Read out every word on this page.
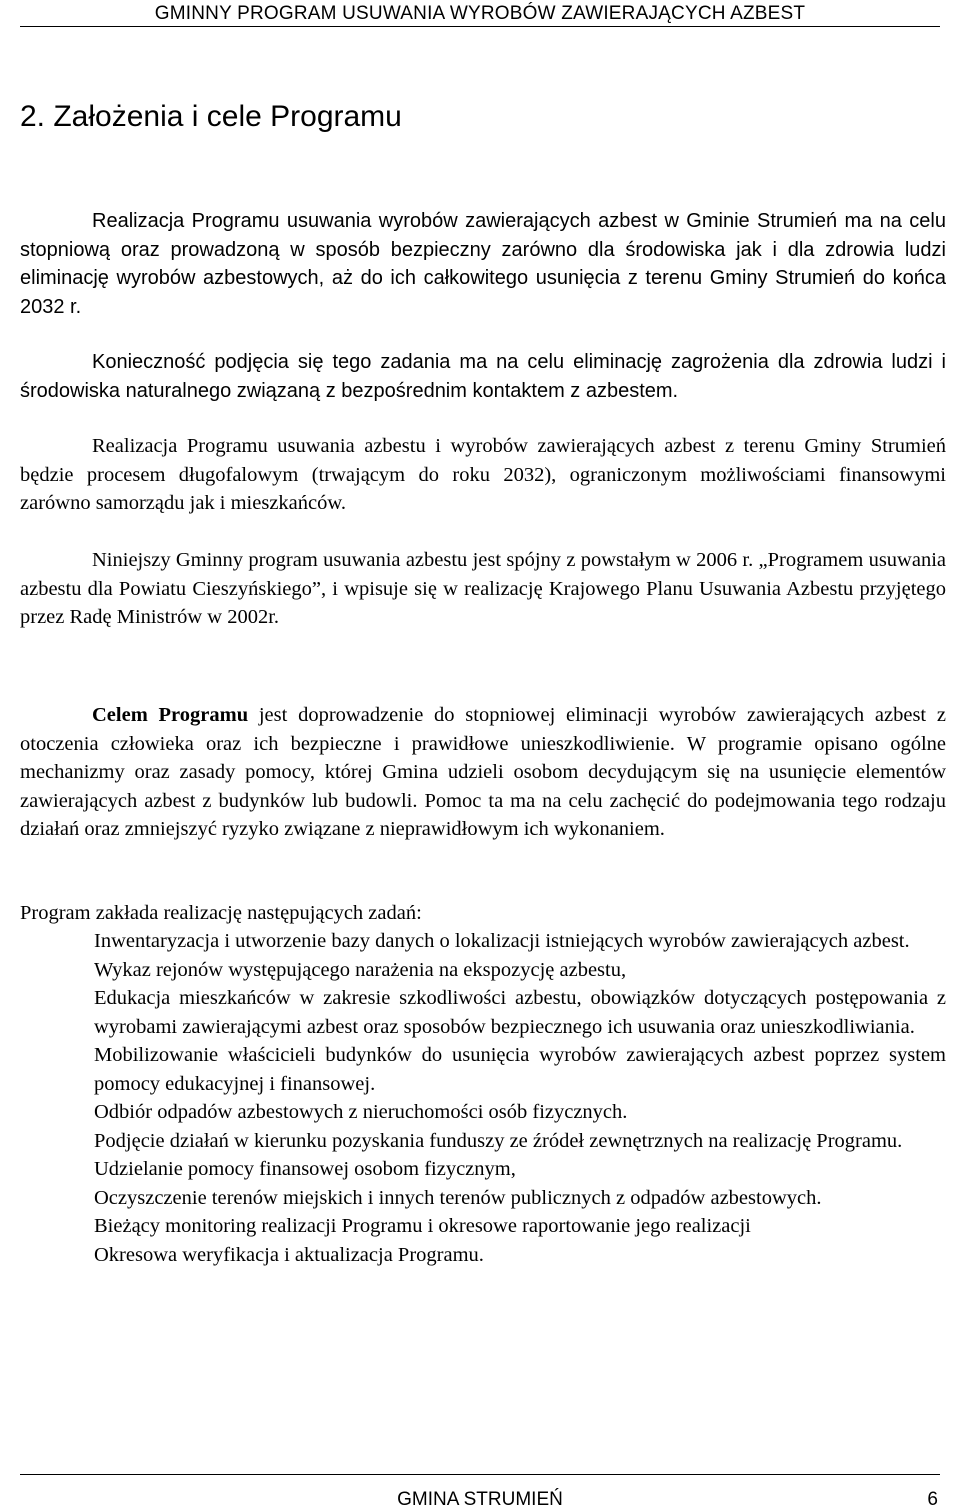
GMINNY PROGRAM USUWANIA WYROBÓW ZAWIERAJĄCYCH AZBEST
2. Założenia i cele Programu

Realizacja Programu usuwania wyrobów zawierających azbest w Gminie Strumień ma na celu stopniową oraz prowadzoną w sposób bezpieczny zarówno dla środowiska jak i dla zdrowia ludzi eliminację wyrobów azbestowych, aż do ich całkowitego usunięcia z terenu Gminy Strumień do końca 2032 r.

Konieczność podjęcia się tego zadania ma na celu eliminację zagrożenia dla zdrowia ludzi i środowiska naturalnego związaną z bezpośrednim kontaktem z azbestem.

Realizacja Programu usuwania azbestu i wyrobów zawierających azbest z terenu Gminy Strumień będzie procesem długofalowym (trwającym do roku 2032), ograniczonym możliwościami finansowymi zarówno samorządu jak i mieszkańców.

Niniejszy Gminny program usuwania azbestu jest spójny z powstałym w 2006 r. „Programem usuwania azbestu dla Powiatu Cieszyńskiego”, i wpisuje się w realizację Krajowego Planu Usuwania Azbestu przyjętego przez Radę Ministrów w 2002r.

Celem Programu jest doprowadzenie do stopniowej eliminacji wyrobów zawierających azbest z otoczenia człowieka oraz ich bezpieczne i prawidłowe unieszkodliwienie. W programie opisano ogólne mechanizmy oraz zasady pomocy, której Gmina udzieli osobom decydującym się na usunięcie elementów zawierających azbest z budynków lub budowli. Pomoc ta ma na celu zachęcić do podejmowania tego rodzaju działań oraz zmniejszyć ryzyko związane z nieprawidłowym ich wykonaniem.

Program zakłada realizację następujących zadań:

Inwentaryzacja i utworzenie bazy danych o lokalizacji istniejących wyrobów zawierających azbest.
Wykaz rejonów występującego narażenia na ekspozycję azbestu,
Edukacja mieszkańców w zakresie szkodliwości azbestu, obowiązków dotyczących postępowania z wyrobami zawierającymi azbest oraz sposobów bezpiecznego ich usuwania oraz unieszkodliwiania.
Mobilizowanie właścicieli budynków do usunięcia wyrobów zawierających azbest poprzez system pomocy edukacyjnej i finansowej.
Odbiór odpadów azbestowych z nieruchomości osób fizycznych.
Podjęcie działań w kierunku pozyskania funduszy ze źródeł zewnętrznych na realizację Programu.
Udzielanie pomocy finansowej osobom fizycznym,
Oczyszczenie terenów miejskich i innych terenów publicznych z odpadów azbestowych.
Bieżący monitoring realizacji Programu i okresowe raportowanie jego realizacji
Okresowa weryfikacja i aktualizacja Programu.
GMINA STRUMIEŃ	6
